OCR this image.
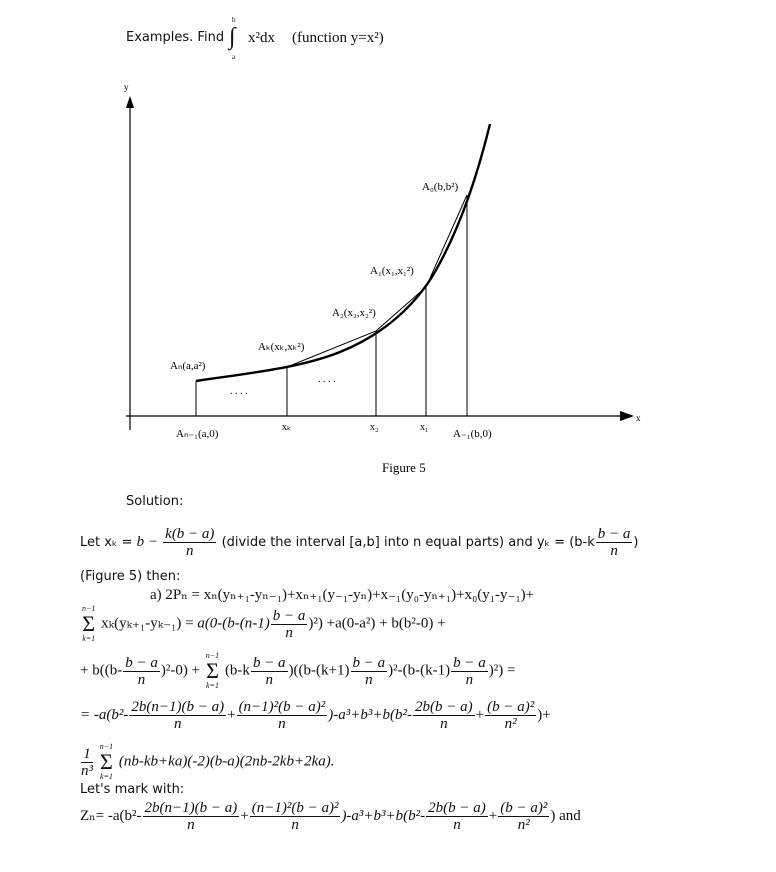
Examples. Find
b
∫
a
x²dx (function y=x²)
y
x
A₀(b,b²)
A₁(x₁,x₁²)
A₂(x₂,x₂²)
Aₖ(xₖ,xₖ²)
Aₙ(a,a²)
. . . .
. . . .
Aₙ₋₁(a,0)
xₖ	x₂	x₁
A₋₁(b,0)
Figure 5
Solution:
Let $x_k = b - \frac{k(b - a)}{n}$ (divide the interval [a,b] into n equal parts) and $y_k = (b-k \frac{b - a}{n}$ )
(Figure 5) then:
a) 2Pₙ = xₙ(yₙ₊₁-yₙ₋₁)+xₙ₊₁(y₋₁-yₙ)+x₋₁(y₀-yₙ₊₁)+x₀(y₁-y₋₁)+
n−1
Σ
k=1
$x_k(y_{k+1}-y_{k-1}) = a(0-(b-(n-1) \frac{b - a}{n} )^2) +a(0-a^2) + b(b^2-0)$ +
+ $b((b- \frac{b - a}{n} )^2-0)$ +
n−1
Σ
k=1
$(b-k \frac{b - a}{n} )((b-(k+1) \frac{b - a}{n} )^2-(b-(k-1) \frac{b - a}{n} )^2)$ =
= $-a(b^2- \frac{2b(n-1)(b - a)}{n} + \frac{\text{(n−1)²(b − a)²}}{n} )-a^3+b^3+b(b^2- \frac{2b(b - a)}{n} + \frac{\text{(b − a)²}}{\text{n²}}$ )+
$\frac{1}{\text{n³}}$
n−1
Σ
k=1
(nb-kb+ka)(-2)(b-a)(2nb-2kb+2ka).
Let's mark with:
$Z_n= -a(b^2- \frac{2b(n-1)(b - a)}{n} + \frac{\text{(n−1)²(b − a)²}}{n} )-a^3+b^3+b(b^2- \frac{2b(b - a)}{n} + \frac{\text{(b − a)²}}{\text{n²}}$ ) and
